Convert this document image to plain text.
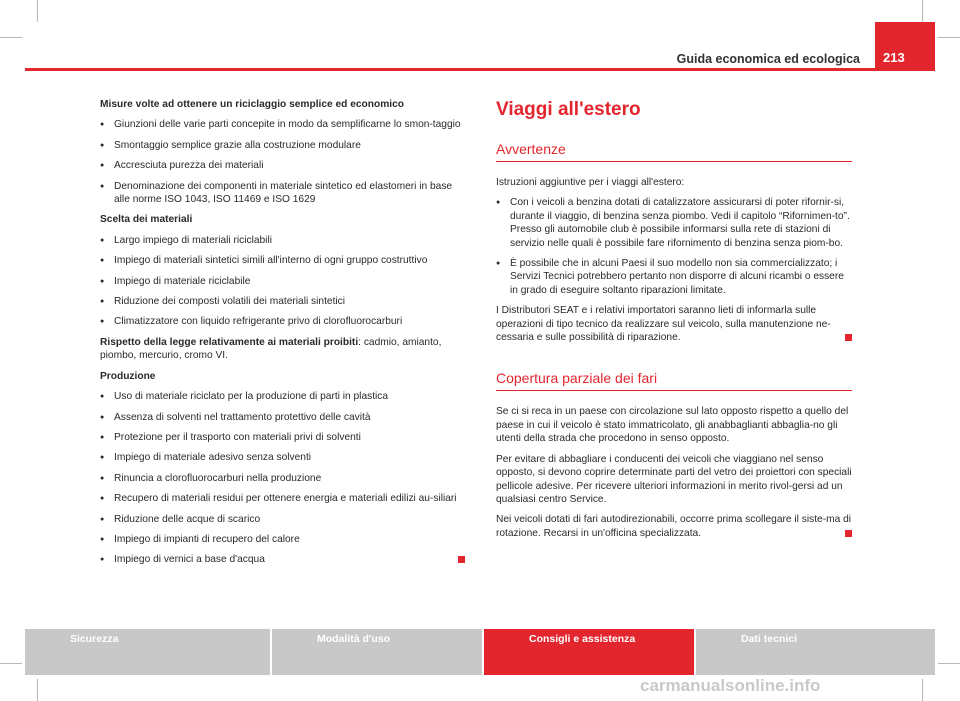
Guida economica ed ecologica	213

Misure volte ad ottenere un riciclaggio semplice ed economico

● Giunzioni delle varie parti concepite in modo da semplificarne lo smon-taggio
● Smontaggio semplice grazie alla costruzione modulare
● Accresciuta purezza dei materiali
● Denominazione dei componenti in materiale sintetico ed elastomeri in base alle norme ISO 1043, ISO 11469 e ISO 1629

Scelta dei materiali

● Largo impiego di materiali riciclabili
● Impiego di materiali sintetici simili all'interno di ogni gruppo costruttivo
● Impiego di materiale riciclabile
● Riduzione dei composti volatili dei materiali sintetici
● Climatizzatore con liquido refrigerante privo di clorofluorocarburi

Rispetto della legge relativamente ai materiali proibiti: cadmio, amianto, piombo, mercurio, cromo VI.

Produzione

● Uso di materiale riciclato per la produzione di parti in plastica
● Assenza di solventi nel trattamento protettivo delle cavità
● Protezione per il trasporto con materiali privi di solventi
● Impiego di materiale adesivo senza solventi
● Rinuncia a clorofluorocarburi nella produzione
● Recupero di materiali residui per ottenere energia e materiali edilizi au-siliari
● Riduzione delle acque di scarico
● Impiego di impianti di recupero del calore
● Impiego di vernici a base d'acqua
Viaggi all'estero
Avvertenze

Istruzioni aggiuntive per i viaggi all'estero:

● Con i veicoli a benzina dotati di catalizzatore assicurarsi di poter rifornir-si, durante il viaggio, di benzina senza piombo. Vedi il capitolo “Rifornimen-to”. Presso gli automobile club è possibile informarsi sulla rete di stazioni di servizio nelle quali è possibile fare rifornimento di benzina senza piom-bo.
● È possibile che in alcuni Paesi il suo modello non sia commercializzato; i Servizi Tecnici potrebbero pertanto non disporre di alcuni ricambi o essere in grado di eseguire soltanto riparazioni limitate.

I Distributori SEAT e i relativi importatori saranno lieti di informarla sulle operazioni di tipo tecnico da realizzare sul veicolo, sulla manutenzione ne-cessaria e sulle possibilità di riparazione.

Copertura parziale dei fari

Se ci si reca in un paese con circolazione sul lato opposto rispetto a quello del paese in cui il veicolo è stato immatricolato, gli anabbaglianti abbaglia-no gli utenti della strada che procedono in senso opposto.

Per evitare di abbagliare i conducenti dei veicoli che viaggiano nel senso opposto, si devono coprire determinate parti del vetro dei proiettori con speciali pellicole adesive. Per ricevere ulteriori informazioni in merito rivol-gersi ad un qualsiasi centro Service.

Nei veicoli dotati di fari autodirezionabili, occorre prima scollegare il siste-ma di rotazione. Recarsi in un'officina specializzata.

Sicurezza	Modalità d'uso	Consigli e assistenza	Dati tecnici
carmanualsonline.info
